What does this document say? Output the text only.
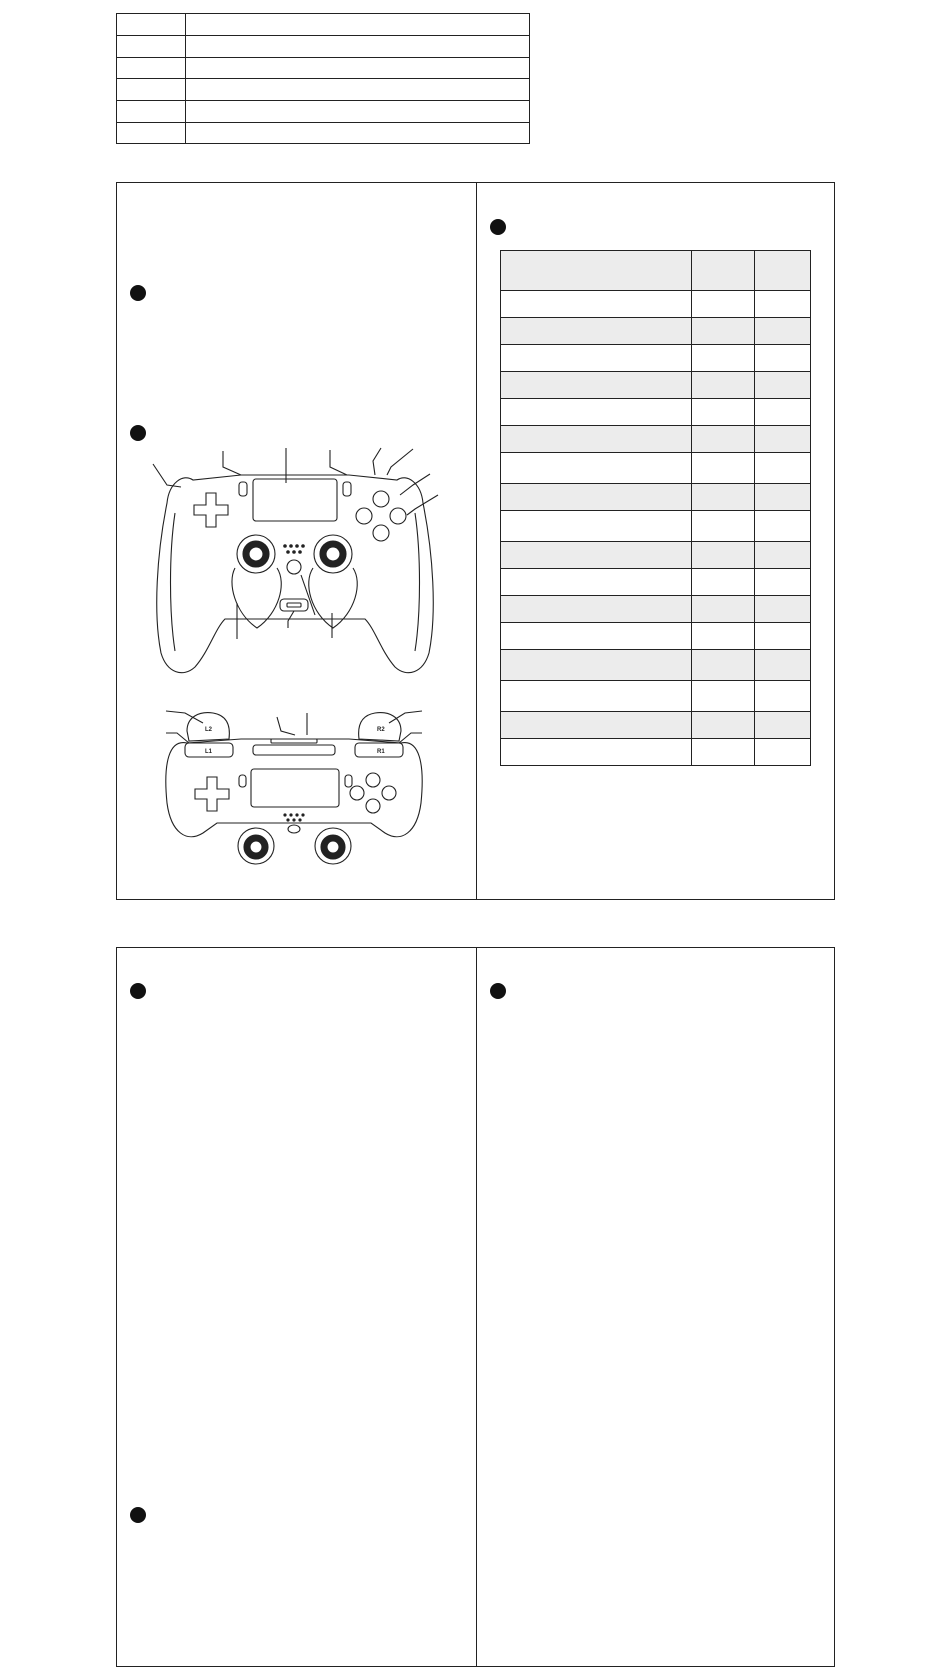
L2
L1
R2
R1
